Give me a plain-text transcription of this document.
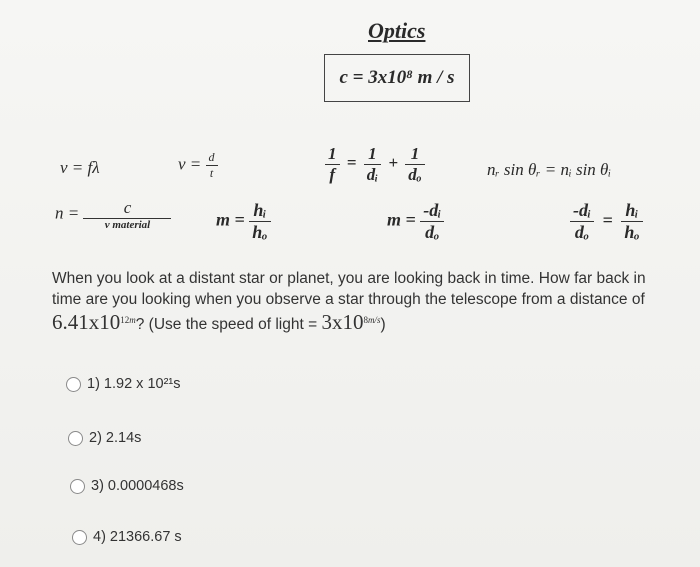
Optics
c = 3x10⁸ m / s
v = fλ	$v = \frac{d}{t}$	$\frac{1}{f} = \frac{1}{\text{dᵢ}} + \frac{1}{\text{dₒ}}$	nᵣ sin θᵣ = nᵢ sin θᵢ
$n = \frac{c}{\text{v material}}$ $m = \frac{\text{hᵢ}}{\text{hₒ}}$	$m = \frac{\text{-dᵢ}}{\text{dₒ}}$	$\frac{\text{-dᵢ}}{\text{dₒ}} = \frac{\text{hᵢ}}{\text{hₒ}}$
When you look at a distant star or planet, you are looking back in time. How far back in time are you looking when you observe a star through the telescope from a distance of $6.41x10^{12m}$? (Use the speed of light = $3x10^{8m/s}$)
1) 1.92 x 10²¹s
2) 2.14s
3) 0.0000468s
4) 21366.67 s
